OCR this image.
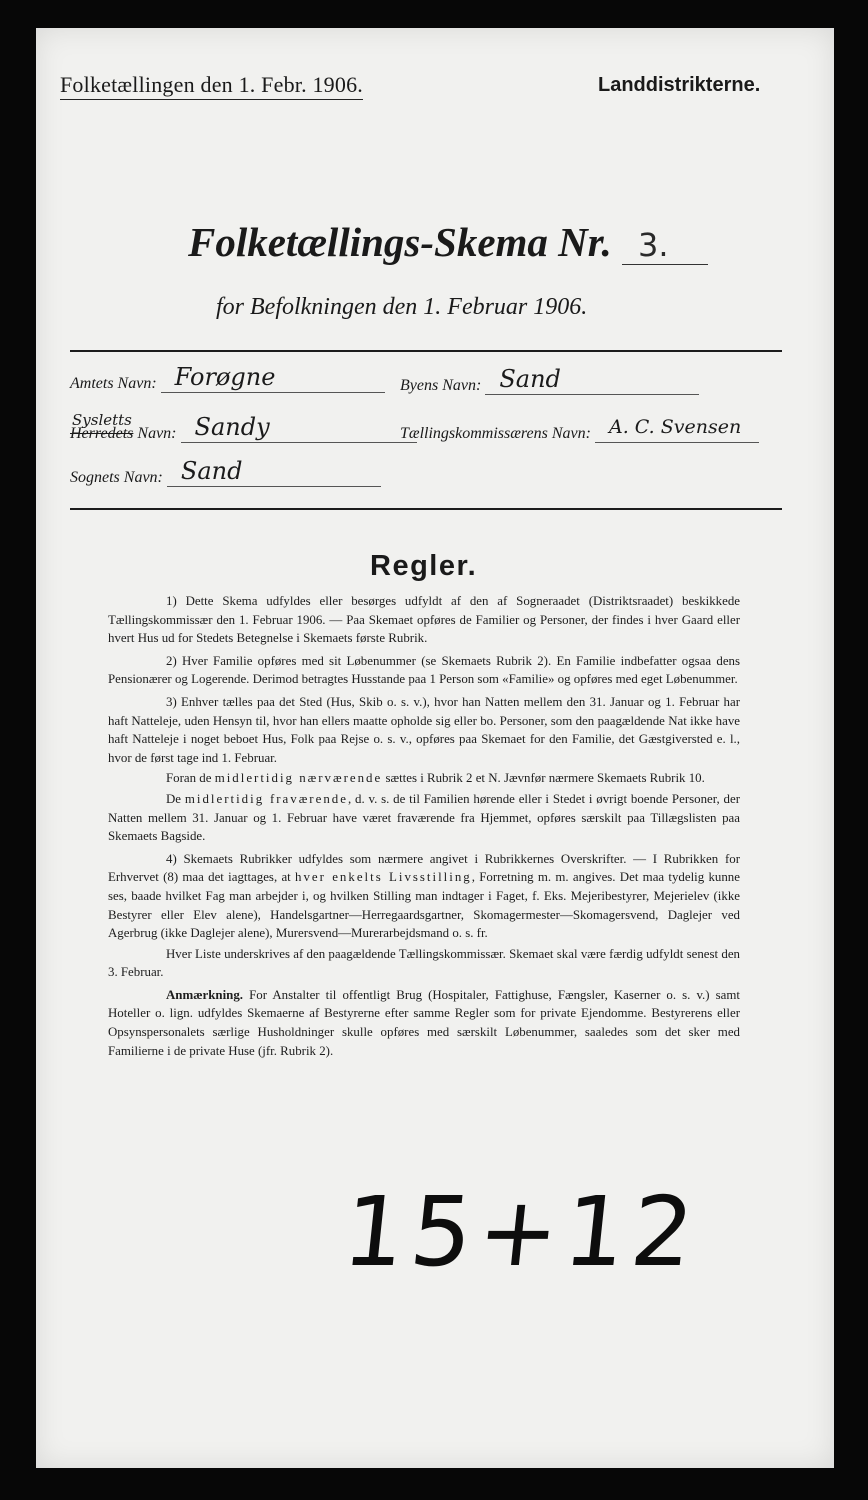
Folketællingen den 1. Febr. 1906.	Landdistrikterne.
Folketællings-Skema Nr. 3.
for Befolkningen den 1. Februar 1906.
Amtets Navn: Forøgne
Sysletts
Herredets Navn: Sandy
Sognets Navn: Sand
Byens Navn: Sand
Tællingskommissærens Navn: A. C. Svensen
Regler.

1) Dette Skema udfyldes eller besørges udfyldt af den af Sogneraadet (Distriktsraadet) beskikkede Tællingskommissær den 1. Februar 1906. — Paa Skemaet opføres de Familier og Personer, der findes i hver Gaard eller hvert Hus ud for Stedets Betegnelse i Skemaets første Rubrik.

2) Hver Familie opføres med sit Løbenummer (se Skemaets Rubrik 2). En Familie indbefatter ogsaa dens Pensionærer og Logerende. Derimod betragtes Husstande paa 1 Person som «Familie» og opføres med eget Løbenummer.

3) Enhver tælles paa det Sted (Hus, Skib o. s. v.), hvor han Natten mellem den 31. Januar og 1. Februar har haft Natteleje, uden Hensyn til, hvor han ellers maatte opholde sig eller bo. Personer, som den paagældende Nat ikke have haft Natteleje i noget beboet Hus, Folk paa Rejse o. s. v., opføres paa Skemaet for den Familie, det Gæstgiversted e. l., hvor de først tage ind 1. Februar.

Foran de midlertidig nærværende sættes i Rubrik 2 et N. Jævnfør nærmere Skemaets Rubrik 10.

De midlertidig fraværende, d. v. s. de til Familien hørende eller i Stedet i øvrigt boende Personer, der Natten mellem 31. Januar og 1. Februar have været fraværende fra Hjemmet, opføres særskilt paa Tillægslisten paa Skemaets Bagside.

4) Skemaets Rubrikker udfyldes som nærmere angivet i Rubrikkernes Overskrifter. — I Rubrikken for Erhvervet (8) maa det iagttages, at hver enkelts Livsstilling, Forretning m. m. angives. Det maa tydelig kunne ses, baade hvilket Fag man arbejder i, og hvilken Stilling man indtager i Faget, f. Eks. Mejeribestyrer, Mejerielev (ikke Bestyrer eller Elev alene), Handelsgartner—Herregaardsgartner, Skomagermester—Skomagersvend, Daglejer ved Agerbrug (ikke Daglejer alene), Murersvend—Murerarbejdsmand o. s. fr.

Hver Liste underskrives af den paagældende Tællingskommissær. Skemaet skal være færdig udfyldt senest den 3. Februar.

Anmærkning. For Anstalter til offentligt Brug (Hospitaler, Fattighuse, Fængsler, Kaserner o. s. v.) samt Hoteller o. lign. udfyldes Skemaerne af Bestyrerne efter samme Regler som for private Ejendomme. Bestyrerens eller Opsynspersonalets særlige Husholdninger skulle opføres med særskilt Løbenummer, saaledes som det sker med Familierne i de private Huse (jfr. Rubrik 2).

15+12
